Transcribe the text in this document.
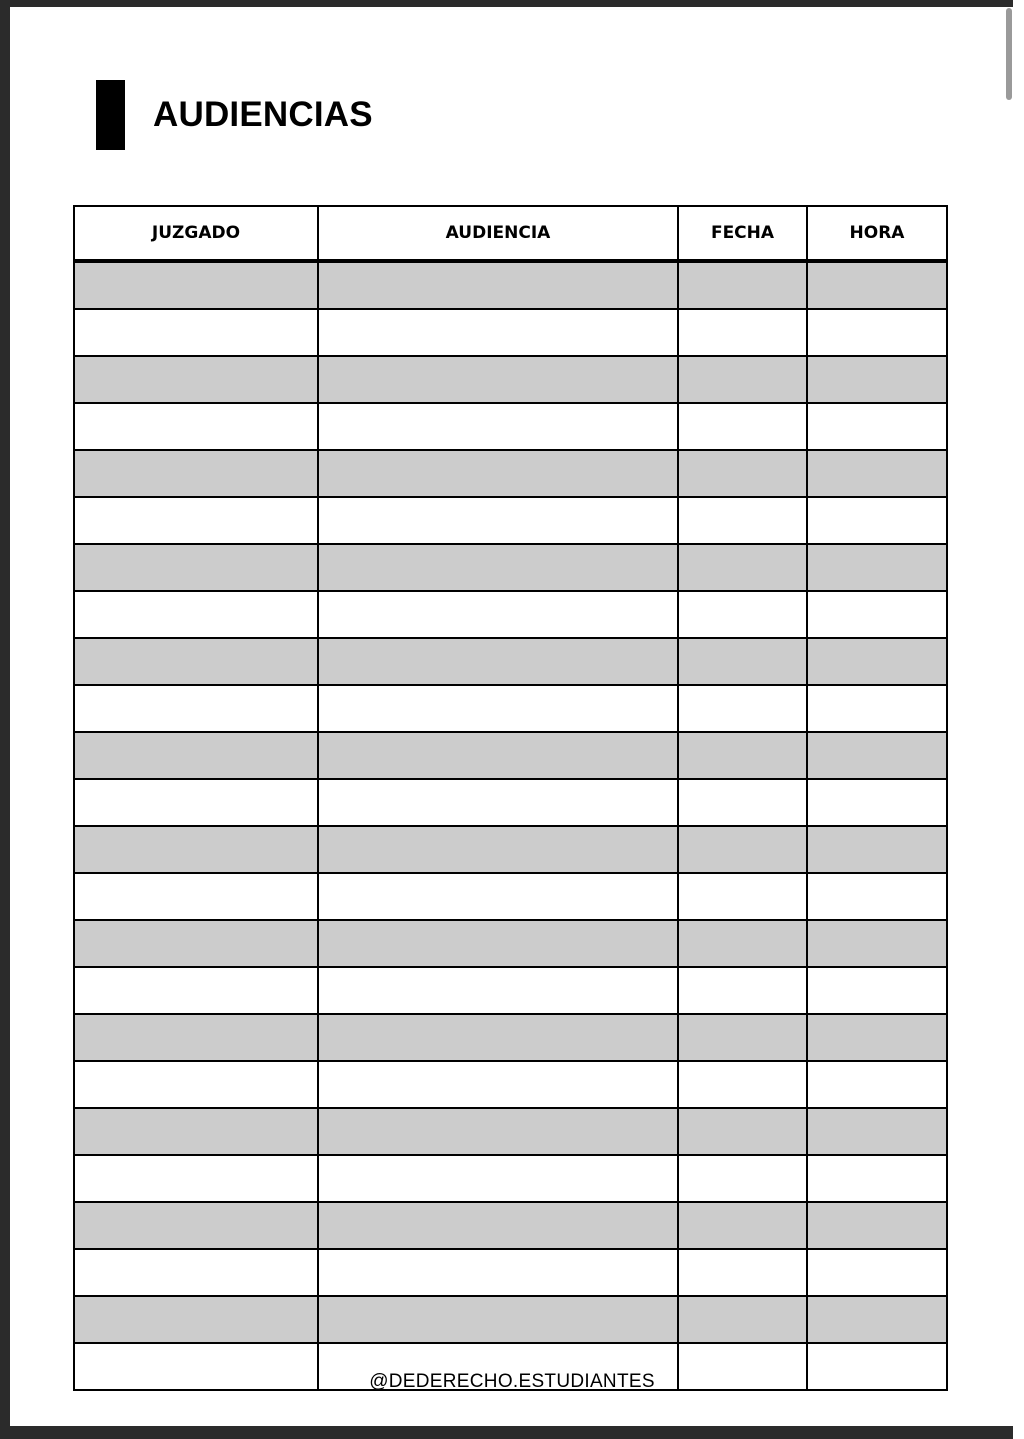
AUDIENCIAS
JUZGADO	AUDIENCIA	FECHA	HORA

@DEDERECHO.ESTUDIANTES
